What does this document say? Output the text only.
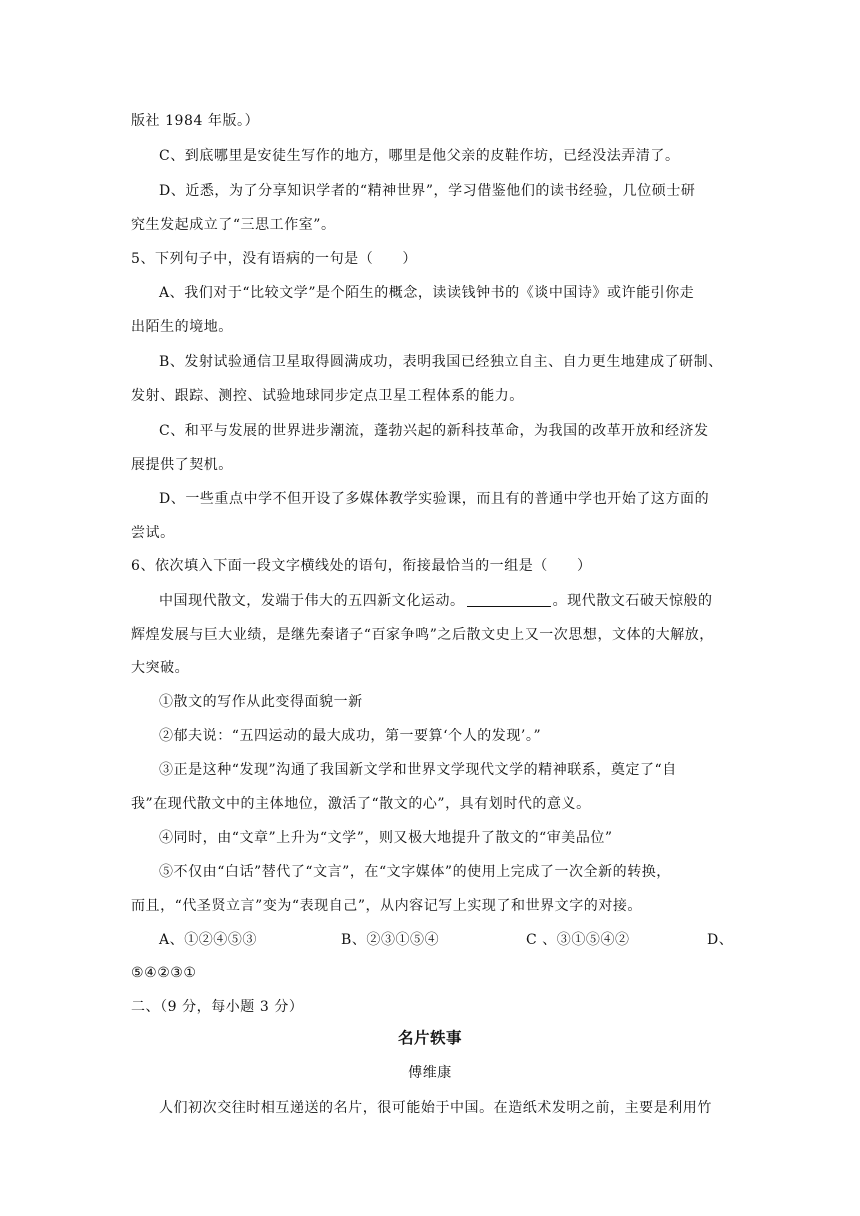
版社 1984 年版。）

C、到底哪里是安徒生写作的地方，哪里是他父亲的皮鞋作坊，已经没法弄清了。

D、近悉，为了分享知识学者的“精神世界”，学习借鉴他们的读书经验，几位硕士研

究生发起成立了“三思工作室”。

5、下列句子中，没有语病的一句是（　　）

A、我们对于“比较文学”是个陌生的概念，读读钱钟书的《谈中国诗》或许能引你走

出陌生的境地。

B、发射试验通信卫星取得圆满成功，表明我国已经独立自主、自力更生地建成了研制、

发射、跟踪、测控、试验地球同步定点卫星工程体系的能力。

C、和平与发展的世界进步潮流，蓬勃兴起的新科技革命，为我国的改革开放和经济发

展提供了契机。

D、一些重点中学不但开设了多媒体教学实验课，而且有的普通中学也开始了这方面的

尝试。

6、依次填入下面一段文字横线处的语句，衔接最恰当的一组是（　　）

中国现代散文，发端于伟大的五四新文化运动。	。现代散文石破天惊般的

辉煌发展与巨大业绩，是继先秦诸子“百家争鸣”之后散文史上又一次思想，文体的大解放，

大突破。

①散文的写作从此变得面貌一新

②郁夫说：“五四运动的最大成功，第一要算‘个人的发现’。”

③正是这种“发现”沟通了我国新文学和世界文学现代文学的精神联系，奠定了“自

我”在现代散文中的主体地位，激活了“散文的心”，具有划时代的意义。

④同时，由“文章”上升为“文学”，则又极大地提升了散文的“审美品位”

⑤不仅由“白话”替代了“文言”，在“文字媒体”的使用上完成了一次全新的转换，

而且，“代圣贤立言”变为“表现自己”，从内容记写上实现了和世界文字的对接。

A、①②④⑤③	B、②③①⑤④	C 、③①⑤④②	D、

⑤④②③①

二、（9 分，每小题 3 分）

名片轶事

傅维康

人们初次交往时相互递送的名片，很可能始于中国。在造纸术发明之前，主要是利用竹
